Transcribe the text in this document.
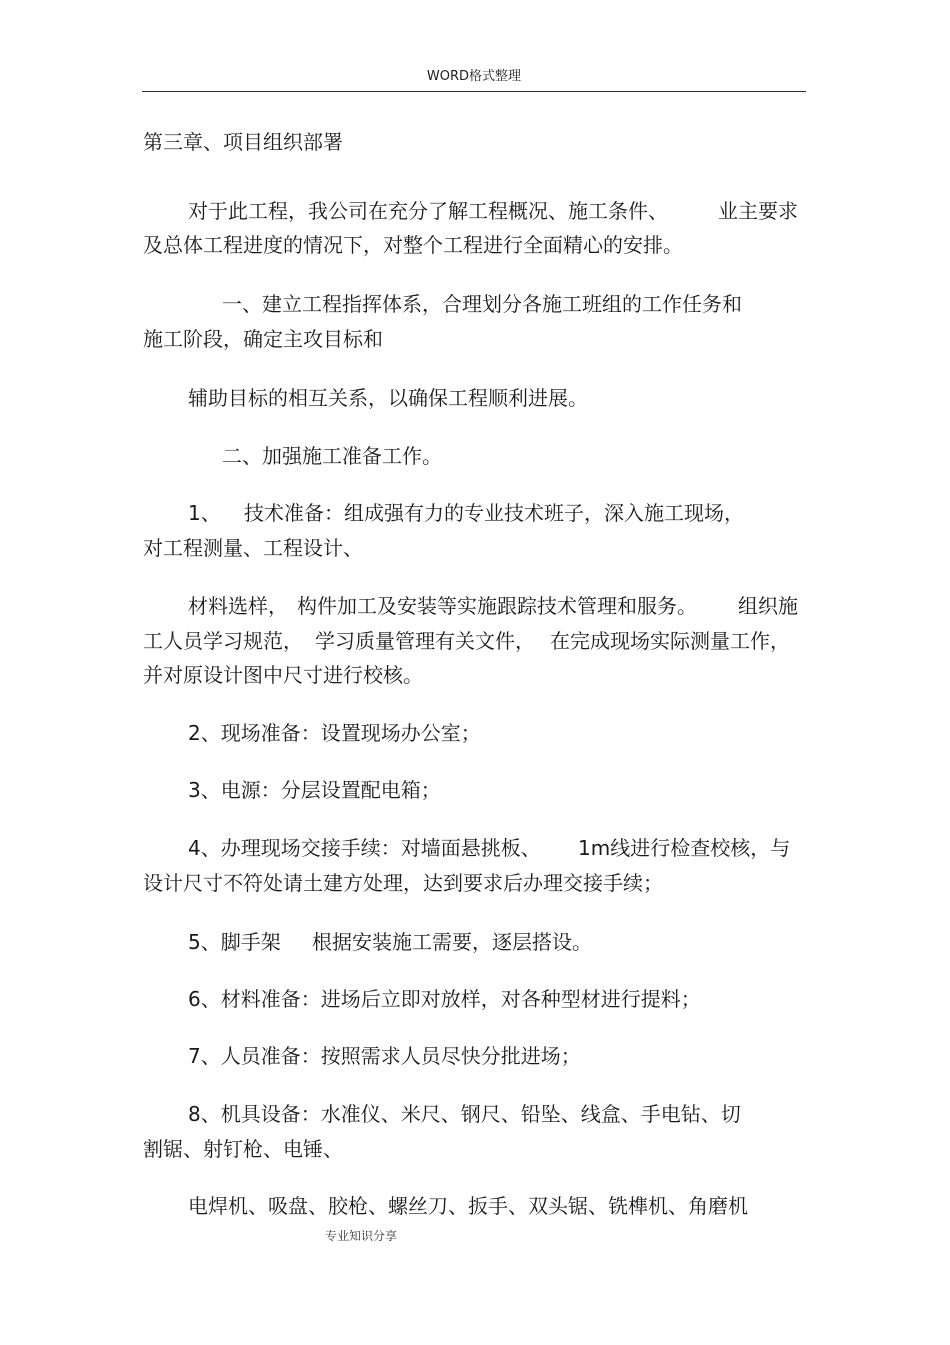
WORD格式整理
第三章、项目组织部署
对于此工程，我公司在充分了解工程概况、施工条件、	业主要求
及总体工程进度的情况下，对整个工程进行全面精心的安排。
一、建立工程指挥体系，合理划分各施工班组的工作任务和
施工阶段，确定主攻目标和
辅助目标的相互关系，以确保工程顺利进展。
二、加强施工准备工作。
1、 技术准备：组成强有力的专业技术班子，深入施工现场，
对工程测量、工程设计、
材料选样， 构件加工及安装等实施跟踪技术管理和服务。 组织施
工人员学习规范， 学习质量管理有关文件， 在完成现场实际测量工作，
并对原设计图中尺寸进行校核。
2、现场准备：设置现场办公室；
3、电源：分层设置配电箱；
4、办理现场交接手续：对墙面悬挑板、 1m线进行检查校核，与
设计尺寸不符处请土建方处理，达到要求后办理交接手续；
5、脚手架 根据安装施工需要，逐层搭设。
6、材料准备：进场后立即对放样，对各种型材进行提料；
7、人员准备：按照需求人员尽快分批进场；
8、机具设备：水准仪、米尺、钢尺、铅坠、线盒、手电钻、切
割锯、射钉枪、电锤、
电焊机、吸盘、胶枪、螺丝刀、扳手、双头锯、铣榫机、角磨机
专业知识分享
